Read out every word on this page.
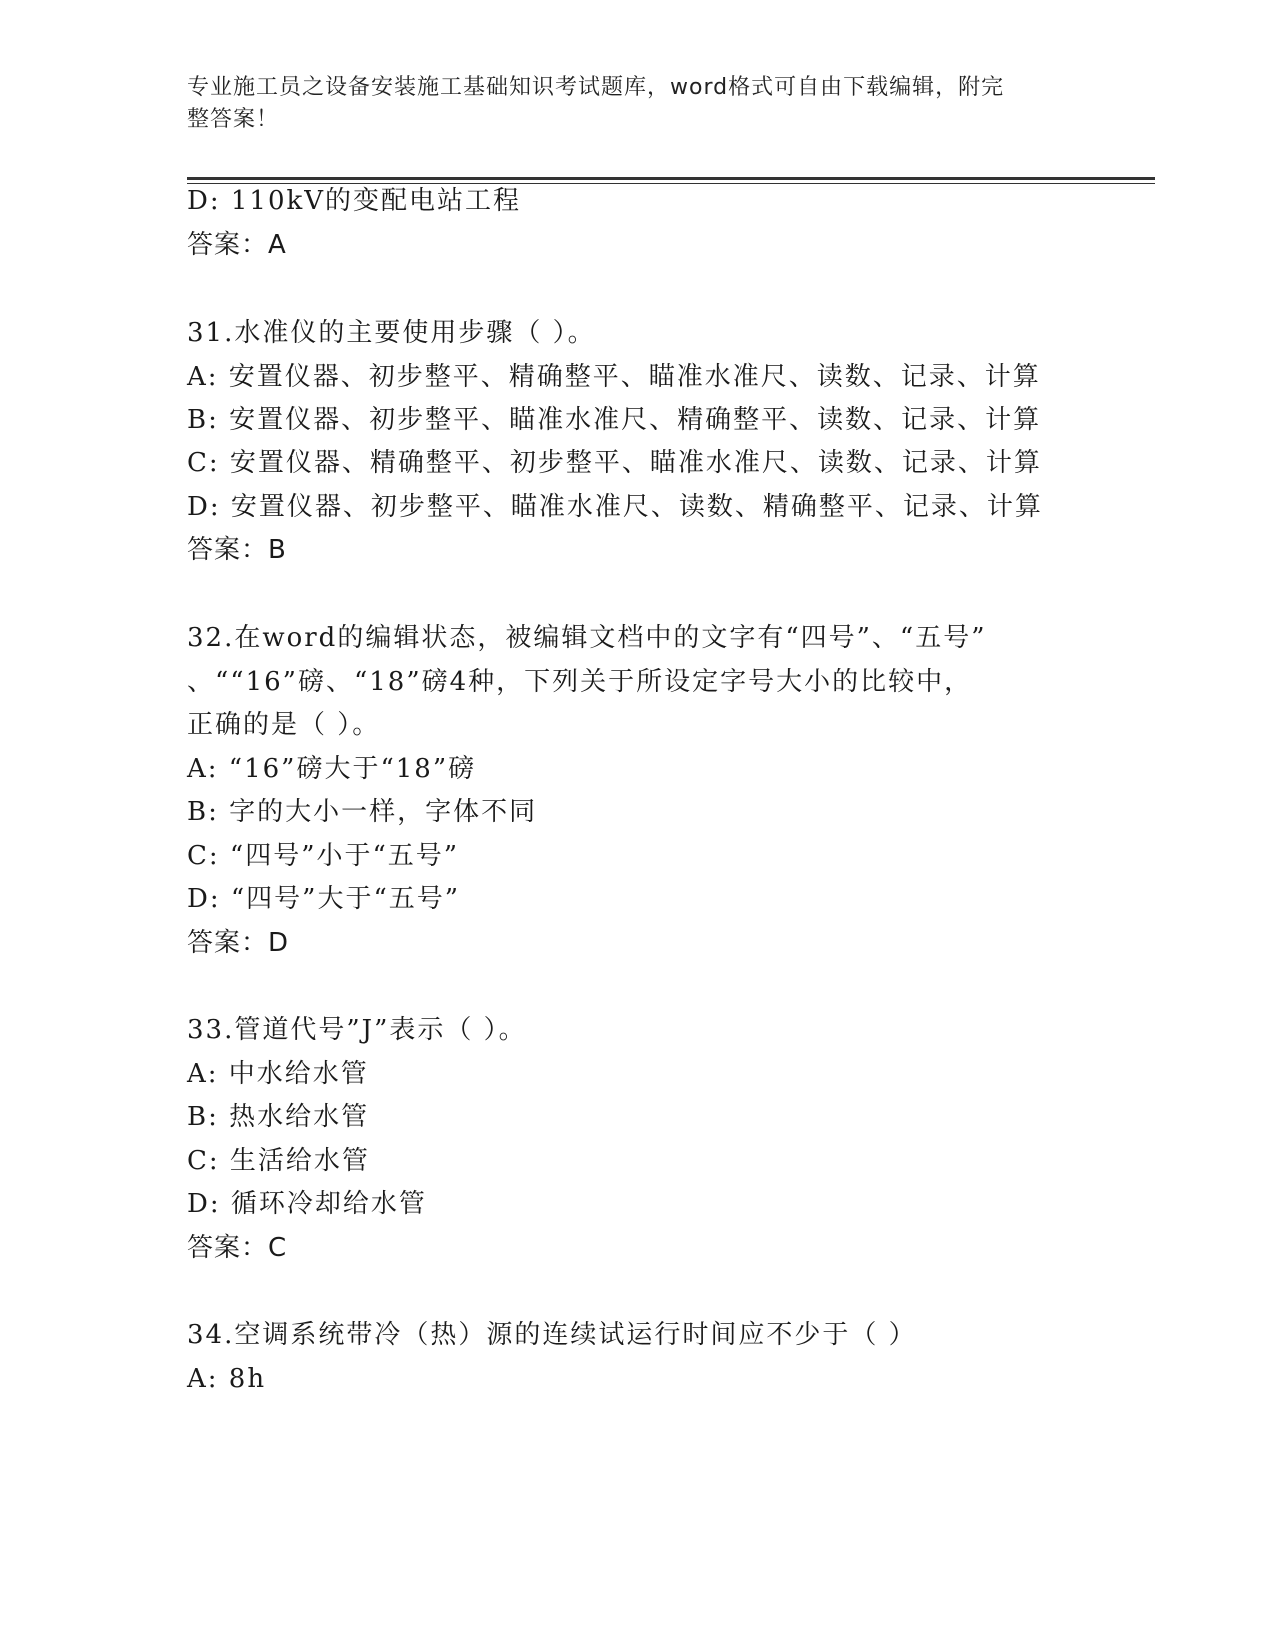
专业施工员之设备安装施工基础知识考试题库，word格式可自由下载编辑，附完
整答案！
D: 110kV的变配电站工程
答案：A
31.水准仪的主要使用步骤（ ）。
A: 安置仪器、初步整平、精确整平、瞄准水准尺、读数、记录、计算
B: 安置仪器、初步整平、瞄准水准尺、精确整平、读数、记录、计算
C: 安置仪器、精确整平、初步整平、瞄准水准尺、读数、记录、计算
D: 安置仪器、初步整平、瞄准水准尺、读数、精确整平、记录、计算
答案：B
32.在word的编辑状态，被编辑文档中的文字有“四号”、“五号”
、““16”磅、“18”磅4种，下列关于所设定字号大小的比较中，
正确的是（ ）。
A: “16”磅大于“18”磅
B: 字的大小一样，字体不同
C: “四号”小于“五号”
D: “四号”大于“五号”
答案：D
33.管道代号”J”表示（ ）。
A: 中水给水管
B: 热水给水管
C: 生活给水管
D: 循环冷却给水管
答案：C
34.空调系统带冷（热）源的连续试运行时间应不少于（ ）
A: 8h
